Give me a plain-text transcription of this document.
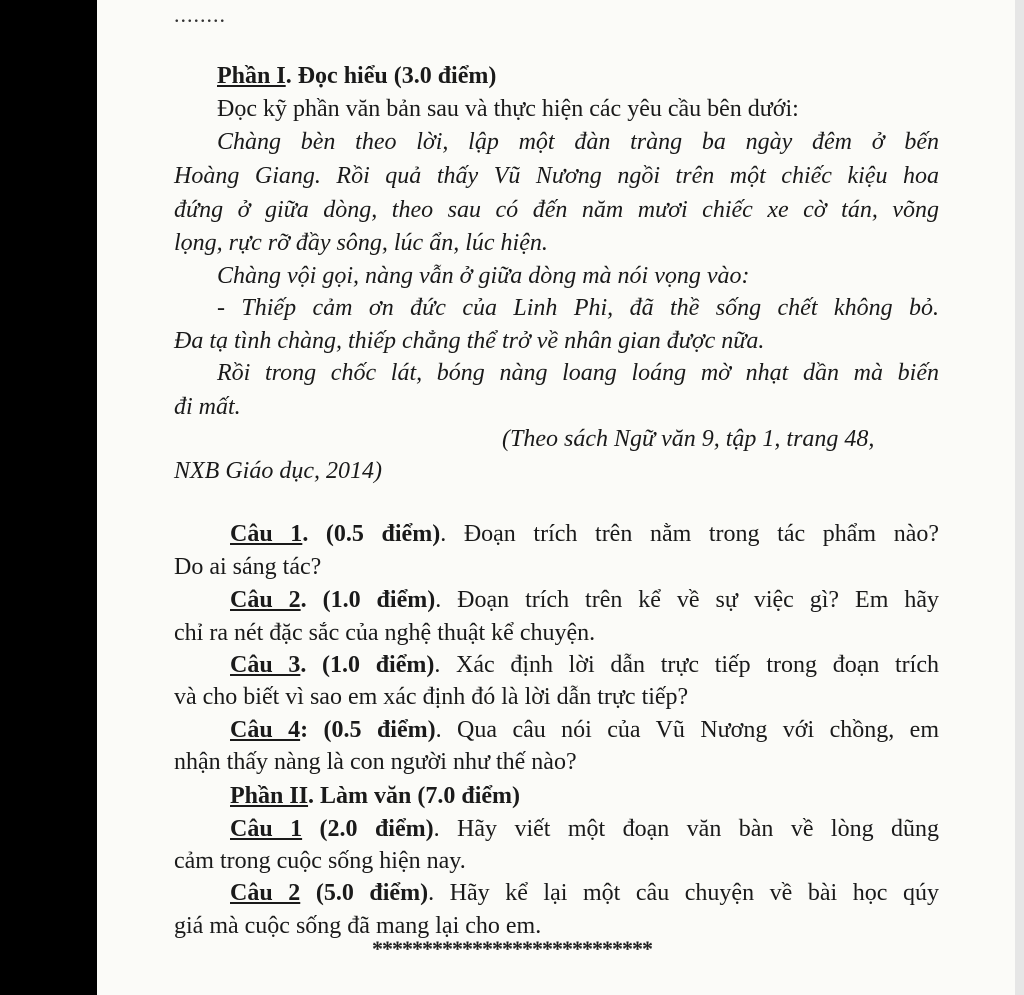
........
Phần I. Đọc hiểu (3.0 điểm)
Đọc kỹ phần văn bản sau và thực hiện các yêu cầu bên dưới:
Chàng bèn theo lời, lập một đàn tràng ba ngày đêm ở bến
Hoàng Giang. Rồi quả thấy Vũ Nương ngồi trên một chiếc kiệu hoa
đứng ở giữa dòng, theo sau có đến năm mươi chiếc xe cờ tán, võng
lọng, rực rỡ đầy sông, lúc ẩn, lúc hiện.
Chàng vội gọi, nàng vẫn ở giữa dòng mà nói vọng vào:
- Thiếp cảm ơn đức của Linh Phi, đã thề sống chết không bỏ.
Đa tạ tình chàng, thiếp chẳng thể trở về nhân gian được nữa.
Rồi trong chốc lát, bóng nàng loang loáng mờ nhạt dần mà biến
đi mất.
(Theo sách Ngữ văn 9, tập 1, trang 48,
NXB Giáo dục, 2014)
Câu 1. (0.5 điểm). Đoạn trích trên nằm trong tác phẩm nào?
Do ai sáng tác?
Câu 2. (1.0 điểm). Đoạn trích trên kể về sự việc gì? Em hãy
chỉ ra nét đặc sắc của nghệ thuật kể chuyện.
Câu 3. (1.0 điểm). Xác định lời dẫn trực tiếp trong đoạn trích
và cho biết vì sao em xác định đó là lời dẫn trực tiếp?
Câu 4: (0.5 điểm). Qua câu nói của Vũ Nương với chồng, em
nhận thấy nàng là con người như thế nào?
Phần II. Làm văn (7.0 điểm)
Câu 1 (2.0 điểm). Hãy viết một đoạn văn bàn về lòng dũng
cảm trong cuộc sống hiện nay.
Câu 2 (5.0 điểm). Hãy kể lại một câu chuyện về bài học qúy
giá mà cuộc sống đã mang lại cho em.
****************************
